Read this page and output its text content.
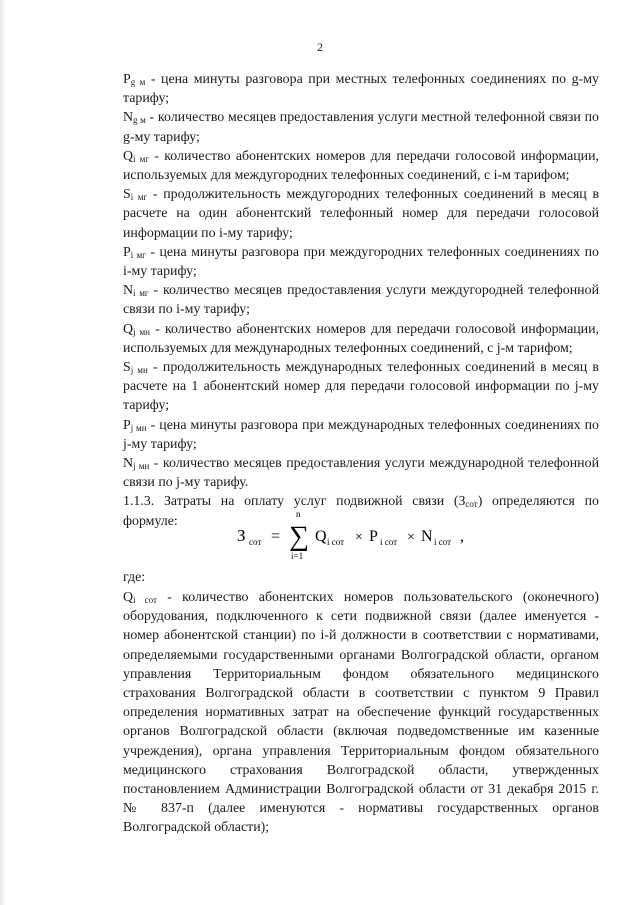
2

$P_{g м}$ - цена минуты разговора при местных телефонных соединениях по g-му тарифу;

$N_{g м}$ - количество месяцев предоставления услуги местной телефонной связи по g-му тарифу;

$Q_{i мг}$ - количество абонентских номеров для передачи голосовой информации, используемых для междугородних телефонных соединений, с i-м тарифом;

$S_{i мг}$ - продолжительность междугородних телефонных соединений в месяц в расчете на один абонентский телефонный номер для передачи голосовой информации по i-му тарифу;

$P_{i мг}$ - цена минуты разговора при междугородних телефонных соединениях по i-му тарифу;

$N_{i мг}$ - количество месяцев предоставления услуги междугородней телефонной связи по i-му тарифу;

$Q_{j мн}$ - количество абонентских номеров для передачи голосовой информации, используемых для международных телефонных соединений, с j-м тарифом;

$S_{j мн}$ - продолжительность международных телефонных соединений в месяц в расчете на 1 абонентский номер для передачи голосовой информации по j-му тарифу;

$P_{j мн}$ - цена минуты разговора при международных телефонных соединениях по j-му тарифу;

$N_{j мн}$ - количество месяцев предоставления услуги международной телефонной связи по j-му тарифу.

1.1.3. Затраты на оплату услуг подвижной связи $(З_{сот})$ определяются по формуле:

З сот =
n
∑
i=1
Q i сот × P i сот × N i сот ,
где:

$Q_{i сот}$ - количество абонентских номеров пользовательского (оконечного) оборудования, подключенного к сети подвижной связи (далее именуется - номер абонентской станции) по i-й должности в соответствии с нормативами, определяемыми государственными органами Волгоградской области, органом управления Территориальным фондом обязательного медицинского страхования Волгоградской области в соответствии с пунктом 9 Правил определения нормативных затрат на обеспечение функций государственных органов Волгоградской области (включая подведомственные им казенные учреждения), органа управления Территориальным фондом обязательного медицинского страхования Волгоградской области, утвержденных постановлением Администрации Волгоградской области от 31 декабря 2015 г. № 837-п (далее именуются - нормативы государственных органов Волгоградской области);
